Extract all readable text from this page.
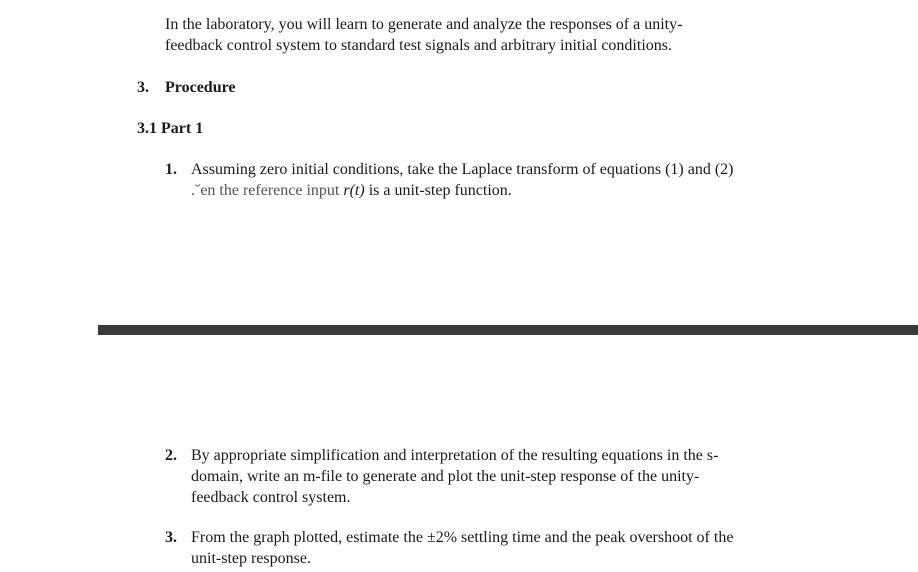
In the laboratory, you will learn to generate and analyze the responses of a unity-

feedback control system to standard test signals and arbitrary initial conditions.

3. Procedure
3.1 Part 1
1. Assuming zero initial conditions, take the Laplace transform of equations (1) and (2)
.˘en the reference input r(t) is a unit-step function.
2. By appropriate simplification and interpretation of the resulting equations in the s-
domain, write an m-file to generate and plot the unit-step response of the unity-
feedback control system.
3. From the graph plotted, estimate the ±2% settling time and the peak overshoot of the
unit-step response.
